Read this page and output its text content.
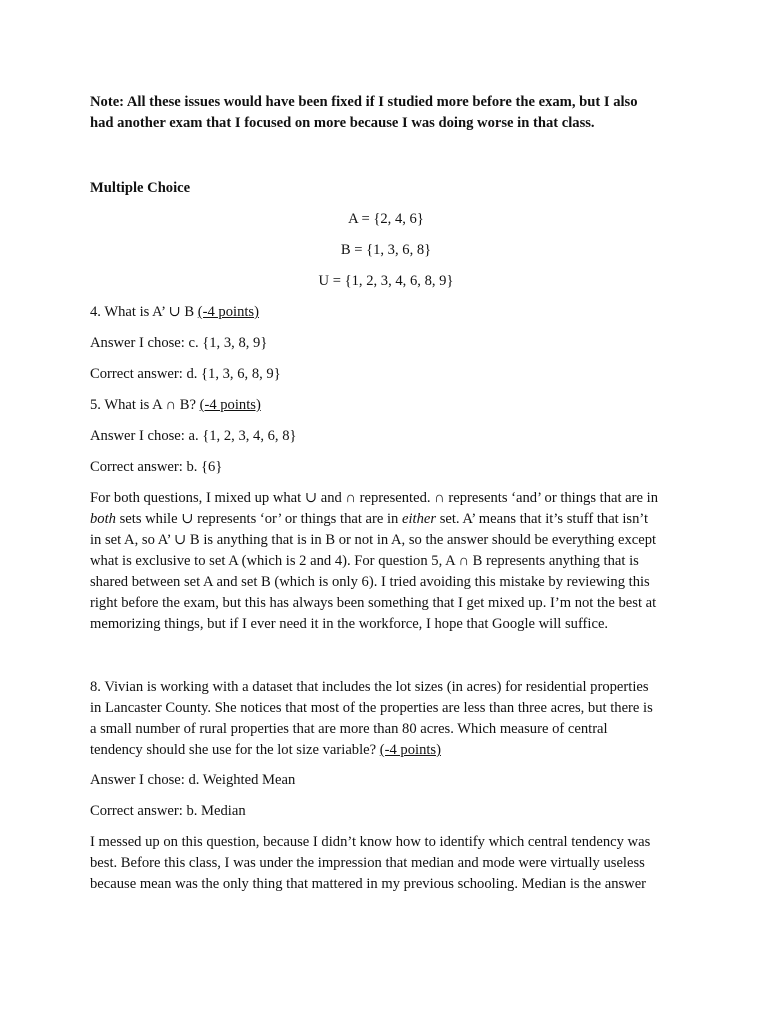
Note: All these issues would have been fixed if I studied more before the exam, but I also
had another exam that I focused on more because I was doing worse in that class.
Multiple Choice
A = {2, 4, 6}
B = {1, 3, 6, 8}
U = {1, 2, 3, 4, 6, 8, 9}
4. What is A’ ∪ B (-4 points)
Answer I chose: c. {1, 3, 8, 9}
Correct answer: d. {1, 3, 6, 8, 9}
5. What is A ∩ B? (-4 points)
Answer I chose: a. {1, 2, 3, 4, 6, 8}
Correct answer: b. {6}
For both questions, I mixed up what ∪ and ∩ represented. ∩ represents ‘and’ or things that are in
both sets while ∪ represents ‘or’ or things that are in either set. A’ means that it’s stuff that isn’t
in set A, so A’ ∪ B is anything that is in B or not in A, so the answer should be everything except
what is exclusive to set A (which is 2 and 4). For question 5, A ∩ B represents anything that is
shared between set A and set B (which is only 6). I tried avoiding this mistake by reviewing this
right before the exam, but this has always been something that I get mixed up. I’m not the best at
memorizing things, but if I ever need it in the workforce, I hope that Google will suffice.
8. Vivian is working with a dataset that includes the lot sizes (in acres) for residential properties
in Lancaster County. She notices that most of the properties are less than three acres, but there is
a small number of rural properties that are more than 80 acres. Which measure of central
tendency should she use for the lot size variable? (-4 points)
Answer I chose: d. Weighted Mean
Correct answer: b. Median
I messed up on this question, because I didn’t know how to identify which central tendency was
best. Before this class, I was under the impression that median and mode were virtually useless
because mean was the only thing that mattered in my previous schooling. Median is the answer
